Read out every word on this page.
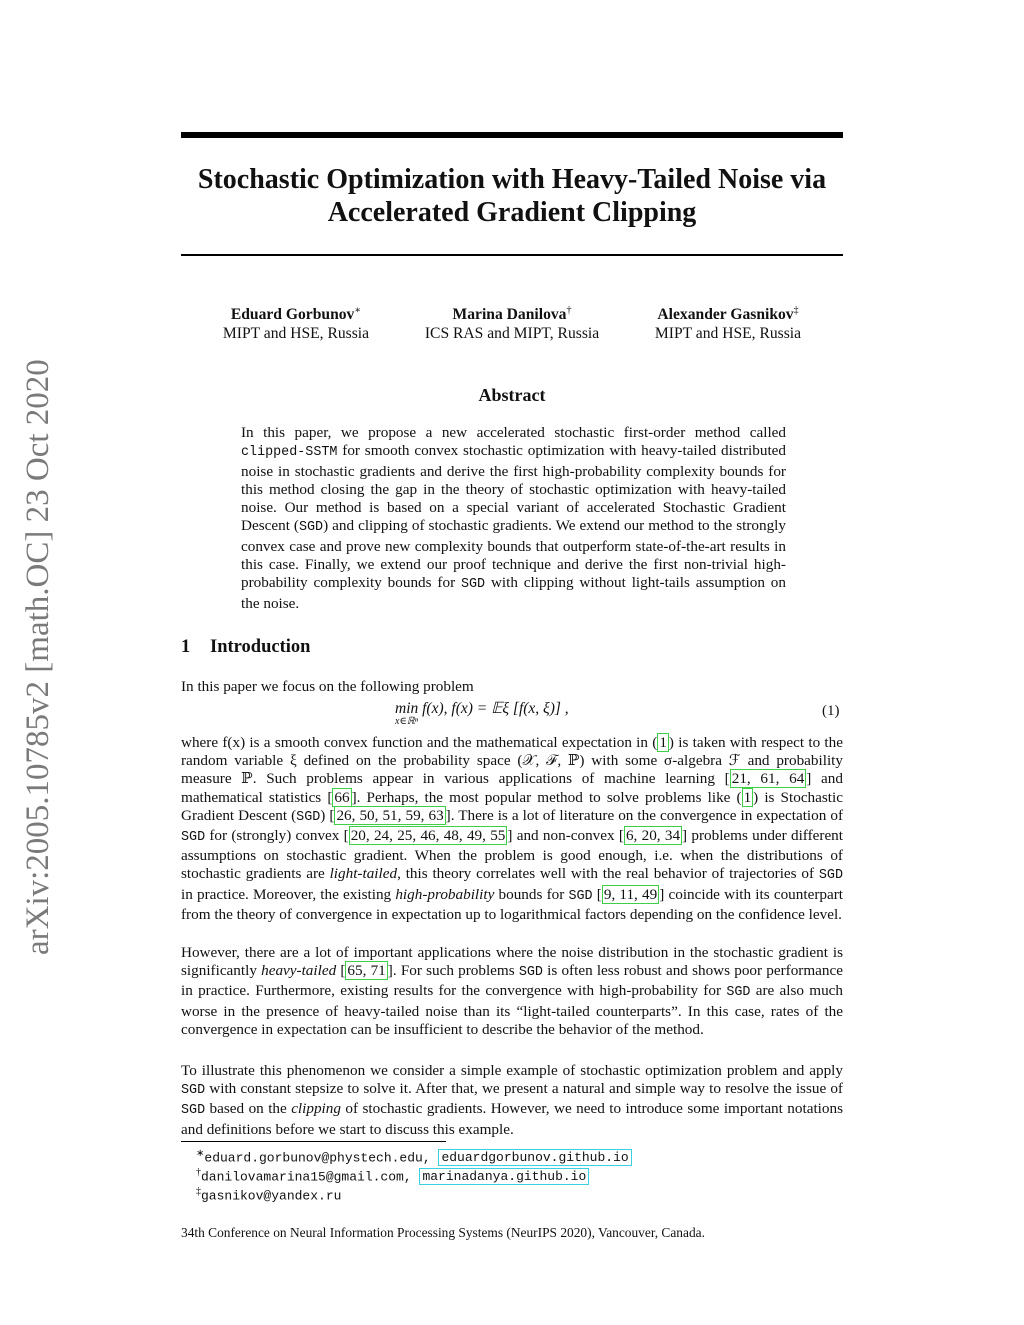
arXiv:2005.10785v2 [math.OC] 23 Oct 2020
Stochastic Optimization with Heavy-Tailed Noise via Accelerated Gradient Clipping
Eduard Gorbunov∗
MIPT and HSE, Russia
Marina Danilova†
ICS RAS and MIPT, Russia
Alexander Gasnikov‡
MIPT and HSE, Russia
Abstract

In this paper, we propose a new accelerated stochastic first-order method called clipped-SSTM for smooth convex stochastic optimization with heavy-tailed distributed noise in stochastic gradients and derive the first high-probability complexity bounds for this method closing the gap in the theory of stochastic optimization with heavy-tailed noise. Our method is based on a special variant of accelerated Stochastic Gradient Descent (SGD) and clipping of stochastic gradients. We extend our method to the strongly convex case and prove new complexity bounds that outperform state-of-the-art results in this case. Finally, we extend our proof technique and derive the first non-trivial high-probability complexity bounds for SGD with clipping without light-tails assumption on the noise.

1 Introduction

In this paper we focus on the following problem

min f(x), f(x) = 𝔼ξ [f(x, ξ)] ,
x∈ℝⁿ
(1)

where f(x) is a smooth convex function and the mathematical expectation in ( 1 ) is taken with respect to the random variable ξ defined on the probability space (𝒳, ℱ, ℙ) with some σ-algebra ℱ and probability measure ℙ. Such problems appear in various applications of machine learning [ 21, 61, 64 ] and mathematical statistics [ 66 ]. Perhaps, the most popular method to solve problems like ( 1 ) is Stochastic Gradient Descent (SGD) [ 26, 50, 51, 59, 63 ]. There is a lot of literature on the convergence in expectation of SGD for (strongly) convex [ 20, 24, 25, 46, 48, 49, 55 ] and non-convex [ 6, 20, 34 ] problems under different assumptions on stochastic gradient. When the problem is good enough, i.e. when the distributions of stochastic gradients are light-tailed, this theory correlates well with the real behavior of trajectories of SGD in practice. Moreover, the existing high-probability bounds for SGD [ 9, 11, 49 ] coincide with its counterpart from the theory of convergence in expectation up to logarithmical factors depending on the confidence level.

However, there are a lot of important applications where the noise distribution in the stochastic gradient is significantly heavy-tailed [ 65, 71 ]. For such problems SGD is often less robust and shows poor performance in practice. Furthermore, existing results for the convergence with high-probability for SGD are also much worse in the presence of heavy-tailed noise than its “light-tailed counterparts”. In this case, rates of the convergence in expectation can be insufficient to describe the behavior of the method.

To illustrate this phenomenon we consider a simple example of stochastic optimization problem and apply SGD with constant stepsize to solve it. After that, we present a natural and simple way to resolve the issue of SGD based on the clipping of stochastic gradients. However, we need to introduce some important notations and definitions before we start to discuss this example.

∗eduard.gorbunov@phystech.edu, eduardgorbunov.github.io
†danilovamarina15@gmail.com, marinadanya.github.io
‡gasnikov@yandex.ru
34th Conference on Neural Information Processing Systems (NeurIPS 2020), Vancouver, Canada.
